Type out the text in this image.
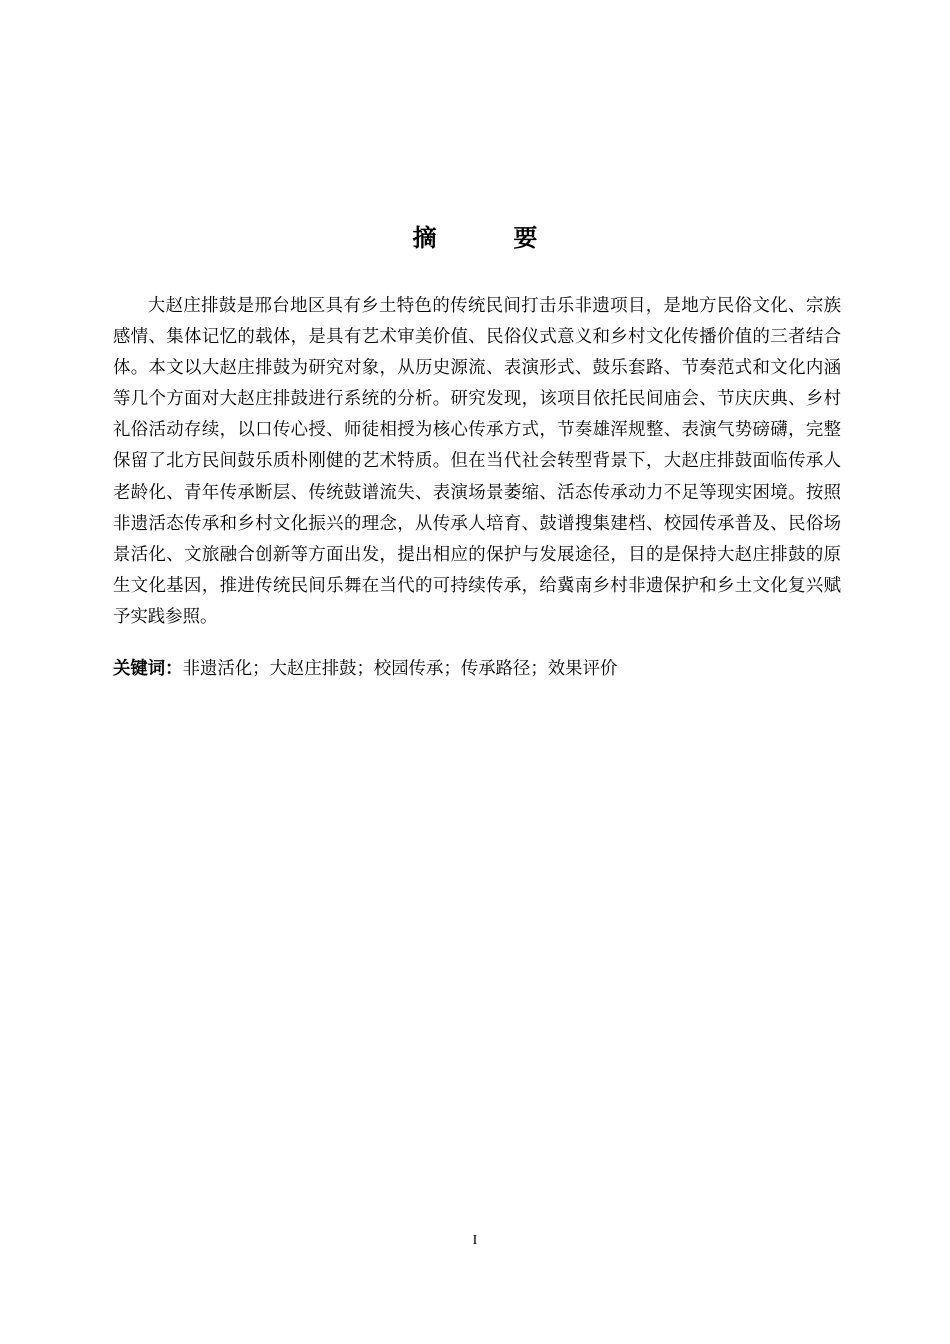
摘　要

大赵庄排鼓是邢台地区具有乡土特色的传统民间打击乐非遗项目，是地方民俗文化、宗族感情、集体记忆的载体，是具有艺术审美价值、民俗仪式意义和乡村文化传播价值的三者结合体。本文以大赵庄排鼓为研究对象，从历史源流、表演形式、鼓乐套路、节奏范式和文化内涵等几个方面对大赵庄排鼓进行系统的分析。研究发现，该项目依托民间庙会、节庆庆典、乡村礼俗活动存续，以口传心授、师徒相授为核心传承方式，节奏雄浑规整、表演气势磅礴，完整保留了北方民间鼓乐质朴刚健的艺术特质。但在当代社会转型背景下，大赵庄排鼓面临传承人老龄化、青年传承断层、传统鼓谱流失、表演场景萎缩、活态传承动力不足等现实困境。按照非遗活态传承和乡村文化振兴的理念，从传承人培育、鼓谱搜集建档、校园传承普及、民俗场景活化、文旅融合创新等方面出发，提出相应的保护与发展途径，目的是保持大赵庄排鼓的原生文化基因，推进传统民间乐舞在当代的可持续传承，给冀南乡村非遗保护和乡土文化复兴赋予实践参照。

关键词：非遗活化；大赵庄排鼓；校园传承；传承路径；效果评价

I
